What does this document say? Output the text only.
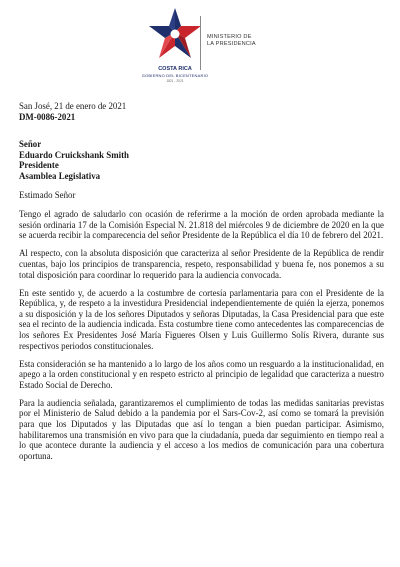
COSTA RICA
GOBIERNO DEL BICENTENARIO
1821 - 2021
MINISTERIO DE
LA PRESIDENCIA

San José, 21 de enero de 2021

DM-0086-2021

Señor
Eduardo Cruickshank Smith
Presidente
Asamblea Legislativa

Estimado Señor

Tengo el agrado de saludarlo con ocasión de referirme a la moción de orden aprobada mediante la sesión ordinaria 17 de la Comisión Especial N. 21.818 del miércoles 9 de diciembre de 2020 en la que se acuerda recibir la comparecencia del señor Presidente de la República el día 10 de febrero del 2021.

Al respecto, con la absoluta disposición que caracteriza al señor Presidente de la República de rendir cuentas, bajo los principios de transparencia, respeto, responsabilidad y buena fe, nos ponemos a su total disposición para coordinar lo requerido para la audiencia convocada.

En este sentido y, de acuerdo a la costumbre de cortesía parlamentaria para con el Presidente de la República, y, de respeto a la investidura Presidencial independientemente de quién la ejerza, ponemos a su disposición y la de los señores Diputados y señoras Diputadas, la Casa Presidencial para que este sea el recinto de la audiencia indicada. Esta costumbre tiene como antecedentes las comparecencias de los señores Ex Presidentes José María Figueres Olsen y Luis Guillermo Solís Rivera, durante sus respectivos periodos constitucionales.

Esta consideración se ha mantenido a lo largo de los años como un resguardo a la institucionalidad, en apego a la orden constitucional y en respeto estricto al principio de legalidad que caracteriza a nuestro Estado Social de Derecho.

Para la audiencia señalada, garantizaremos el cumplimiento de todas las medidas sanitarias previstas por el Ministerio de Salud debido a la pandemia por el Sars-Cov-2, así como se tomará la previsión para que los Diputados y las Diputadas que así lo tengan a bien puedan participar. Asimismo, habilitaremos una transmisión en vivo para que la ciudadanía, pueda dar seguimiento en tiempo real a lo que acontece durante la audiencia y el acceso a los medios de comunicación para una cobertura oportuna.
